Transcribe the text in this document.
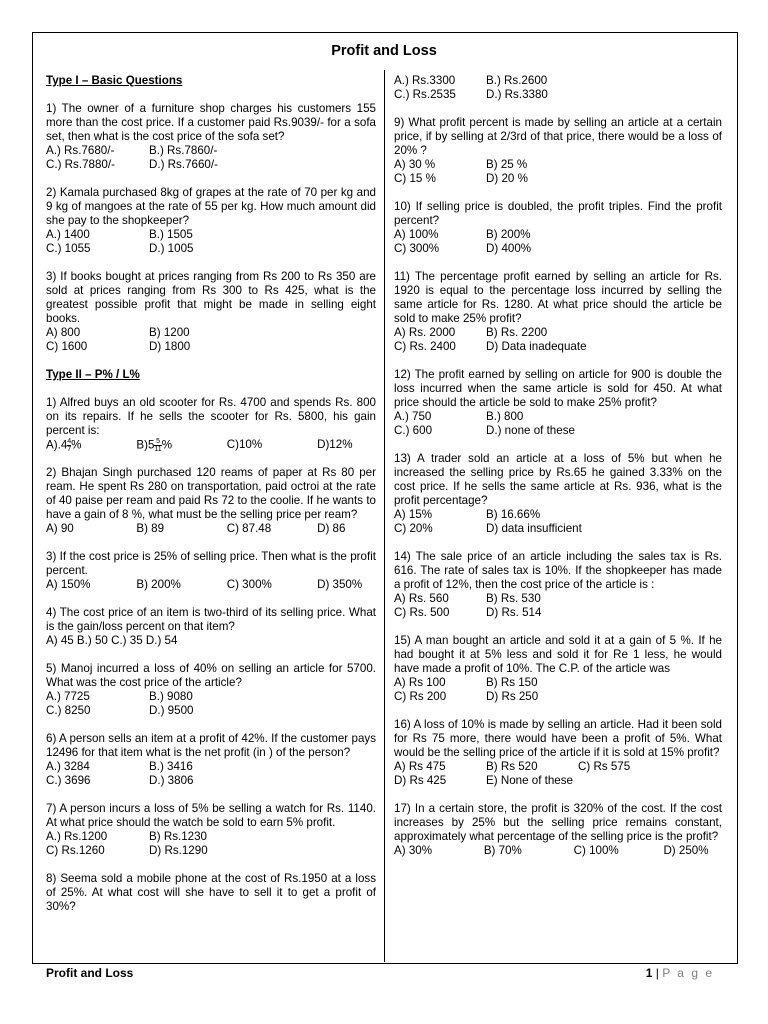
Profit and Loss
Type I – Basic Questions
1) The owner of a furniture shop charges his customers 155 more than the cost price. If a customer paid Rs.9039/- for a sofa set, then what is the cost price of the sofa set?
A.) Rs.7680/-	B.) Rs.7860/-
C.) Rs.7880/-	D.) Rs.7660/-
2) Kamala purchased 8kg of grapes at the rate of 70 per kg and 9 kg of mangoes at the rate of 55 per kg. How much amount did she pay to the shopkeeper?
A.) 1400	B.) 1505
C.) 1055	D.) 1005
3) If books bought at prices ranging from Rs 200 to Rs 350 are sold at prices ranging from Rs 300 to Rs 425, what is the greatest possible profit that might be made in selling eight books.
A) 800	B) 1200
C) 1600	D) 1800
Type II – P% / L%
1) Alfred buys an old scooter for Rs. 4700 and spends Rs. 800 on its repairs. If he sells the scooter for Rs. 5800, his gain percent is:
$A).4 \frac{4}{7}$ %	$B)5 \frac{5}{11}$ %	C)10%	D)12%
2) Bhajan Singh purchased 120 reams of paper at Rs 80 per ream. He spent Rs 280 on transportation, paid octroi at the rate of 40 paise per ream and paid Rs 72 to the coolie. If he wants to have a gain of 8 %, what must be the selling price per ream?
A) 90	B) 89	C) 87.48	D) 86
3) If the cost price is 25% of selling price. Then what is the profit percent.
A) 150%	B) 200%	C) 300%	D) 350%
4) The cost price of an item is two-third of its selling price. What is the gain/loss percent on that item?
A) 45 B.) 50 C.) 35 D.) 54
5) Manoj incurred a loss of 40% on selling an article for 5700. What was the cost price of the article?
A.) 7725	B.) 9080
C.) 8250	D.) 9500
6) A person sells an item at a profit of 42%. If the customer pays 12496 for that item what is the net profit (in ) of the person?
A.) 3284	B.) 3416
C.) 3696	D.) 3806
7) A person incurs a loss of 5% be selling a watch for Rs. 1140. At what price should the watch be sold to earn 5% profit.
A.) Rs.1200	B) Rs.1230
C) Rs.1260	D) Rs.1290
8) Seema sold a mobile phone at the cost of Rs.1950 at a loss of 25%. At what cost will she have to sell it to get a profit of 30%?
A.) Rs.3300	B.) Rs.2600
C.) Rs.2535	D.) Rs.3380
9) What profit percent is made by selling an article at a certain price, if by selling at 2/3rd of that price, there would be a loss of 20% ?
A) 30 %	B) 25 %
C) 15 %	D) 20 %
10) If selling price is doubled, the profit triples. Find the profit percent?
A) 100%	B) 200%
C) 300%	D) 400%
11) The percentage profit earned by selling an article for Rs. 1920 is equal to the percentage loss incurred by selling the same article for Rs. 1280. At what price should the article be sold to make 25% profit?
A) Rs. 2000	B) Rs. 2200
C) Rs. 2400	D) Data inadequate
12) The profit earned by selling on article for 900 is double the loss incurred when the same article is sold for 450. At what price should the article be sold to make 25% profit?
A.) 750	B.) 800
C.) 600	D.) none of these
13) A trader sold an article at a loss of 5% but when he increased the selling price by Rs.65 he gained 3.33% on the cost price. If he sells the same article at Rs. 936, what is the profit percentage?
A) 15%	B) 16.66%
C) 20%	D) data insufficient
14) The sale price of an article including the sales tax is Rs. 616. The rate of sales tax is 10%. If the shopkeeper has made a profit of 12%, then the cost price of the article is :
A) Rs. 560	B) Rs. 530
C) Rs. 500	D) Rs. 514
15) A man bought an article and sold it at a gain of 5 %. If he had bought it at 5% less and sold it for Re 1 less, he would have made a profit of 10%. The C.P. of the article was
A) Rs 100	B) Rs 150
C) Rs 200	D) Rs 250
16) A loss of 10% is made by selling an article. Had it been sold for Rs 75 more, there would have been a profit of 5%. What would be the selling price of the article if it is sold at 15% profit?
A) Rs 475	B) Rs 520	C) Rs 575
D) Rs 425	E) None of these
17) In a certain store, the profit is 320% of the cost. If the cost increases by 25% but the selling price remains constant, approximately what percentage of the selling price is the profit?
A) 30%	B) 70%	C) 100%	D) 250%
Profit and Loss	1 | P a g e
